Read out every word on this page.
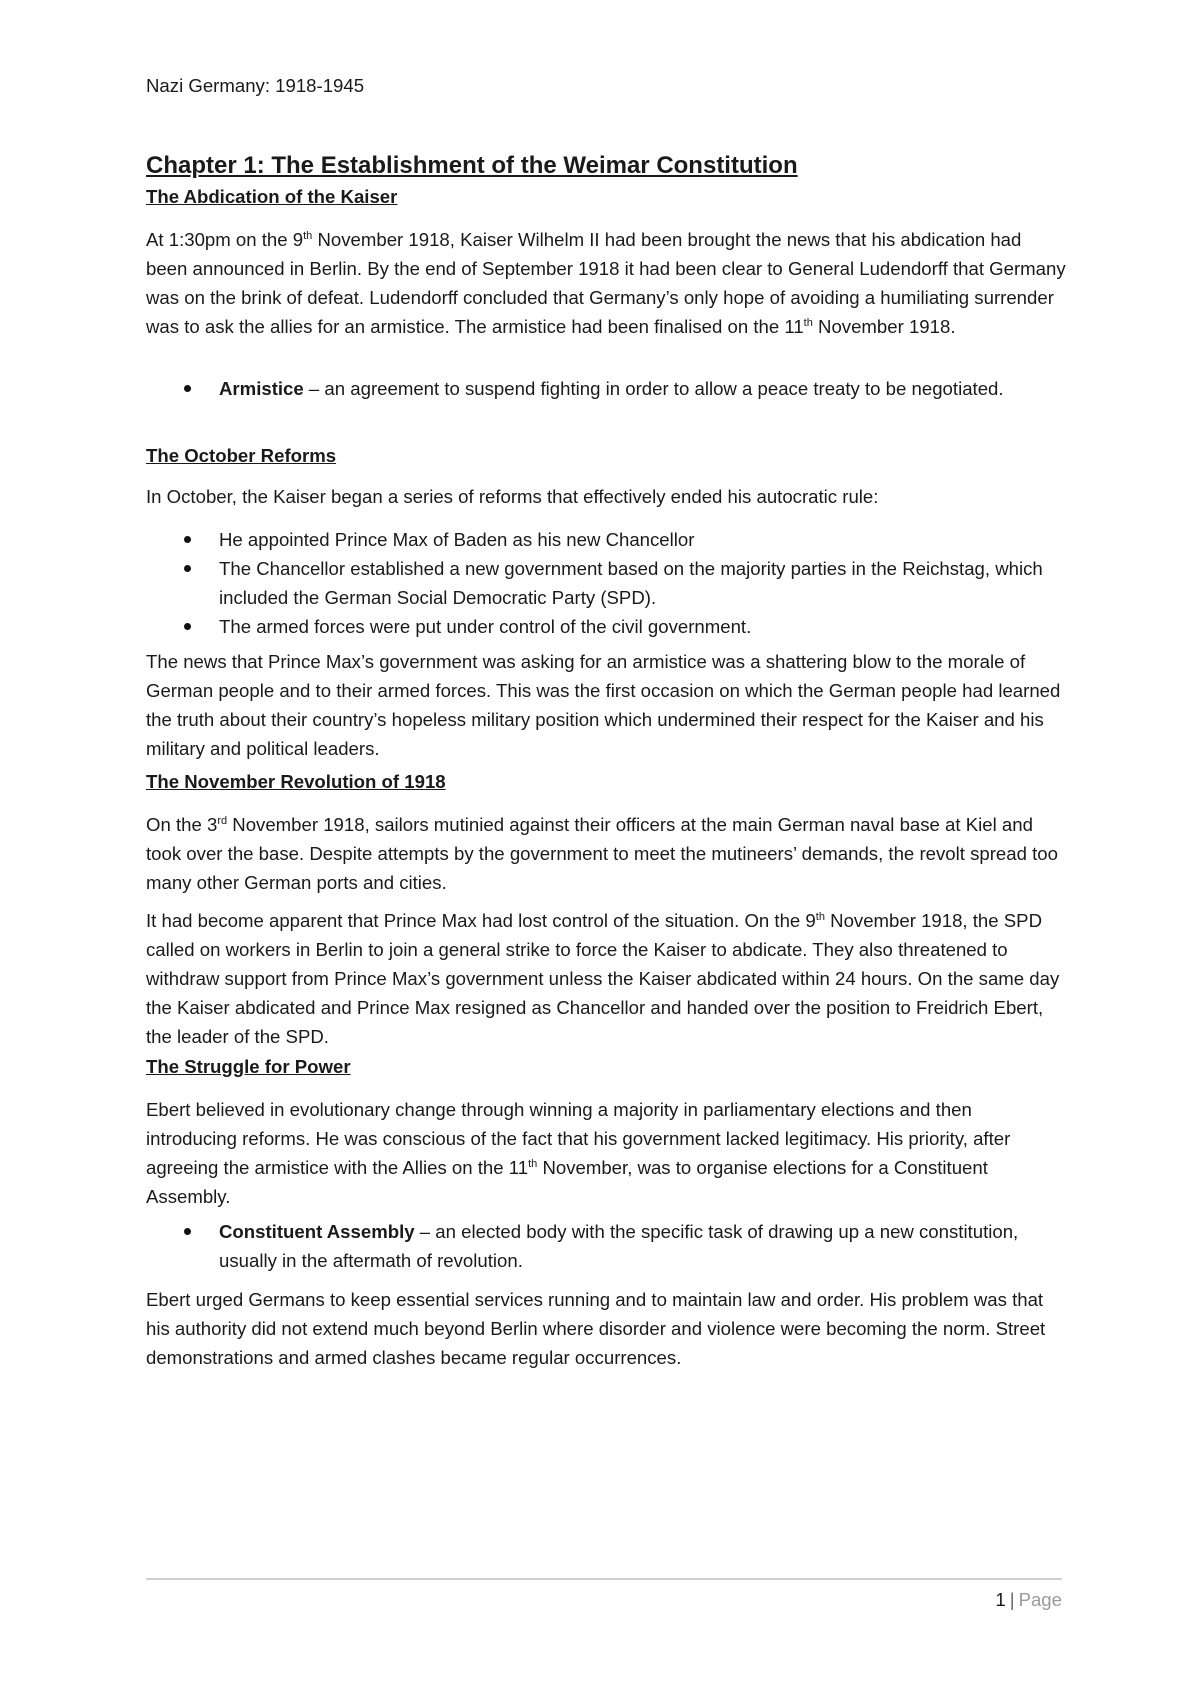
Nazi Germany: 1918-1945
Chapter 1: The Establishment of the Weimar Constitution

The Abdication of the Kaiser

At 1:30pm on the 9th November 1918, Kaiser Wilhelm II had been brought the news that his abdication had been announced in Berlin. By the end of September 1918 it had been clear to General Ludendorff that Germany was on the brink of defeat. Ludendorff concluded that Germany’s only hope of avoiding a humiliating surrender was to ask the allies for an armistice. The armistice had been finalised on the 11th November 1918.

Armistice – an agreement to suspend fighting in order to allow a peace treaty to be negotiated.

The October Reforms

In October, the Kaiser began a series of reforms that effectively ended his autocratic rule:

He appointed Prince Max of Baden as his new Chancellor
The Chancellor established a new government based on the majority parties in the Reichstag, which included the German Social Democratic Party (SPD).
The armed forces were put under control of the civil government.

The news that Prince Max’s government was asking for an armistice was a shattering blow to the morale of German people and to their armed forces. This was the first occasion on which the German people had learned the truth about their country’s hopeless military position which undermined their respect for the Kaiser and his military and political leaders.

The November Revolution of 1918

On the 3rd November 1918, sailors mutinied against their officers at the main German naval base at Kiel and took over the base. Despite attempts by the government to meet the mutineers’ demands, the revolt spread too many other German ports and cities.

It had become apparent that Prince Max had lost control of the situation. On the 9th November 1918, the SPD called on workers in Berlin to join a general strike to force the Kaiser to abdicate. They also threatened to withdraw support from Prince Max’s government unless the Kaiser abdicated within 24 hours. On the same day the Kaiser abdicated and Prince Max resigned as Chancellor and handed over the position to Freidrich Ebert, the leader of the SPD.

The Struggle for Power

Ebert believed in evolutionary change through winning a majority in parliamentary elections and then introducing reforms. He was conscious of the fact that his government lacked legitimacy. His priority, after agreeing the armistice with the Allies on the 11th November, was to organise elections for a Constituent Assembly.

Constituent Assembly – an elected body with the specific task of drawing up a new constitution, usually in the aftermath of revolution.

Ebert urged Germans to keep essential services running and to maintain law and order. His problem was that his authority did not extend much beyond Berlin where disorder and violence were becoming the norm. Street demonstrations and armed clashes became regular occurrences.

1 | Page
